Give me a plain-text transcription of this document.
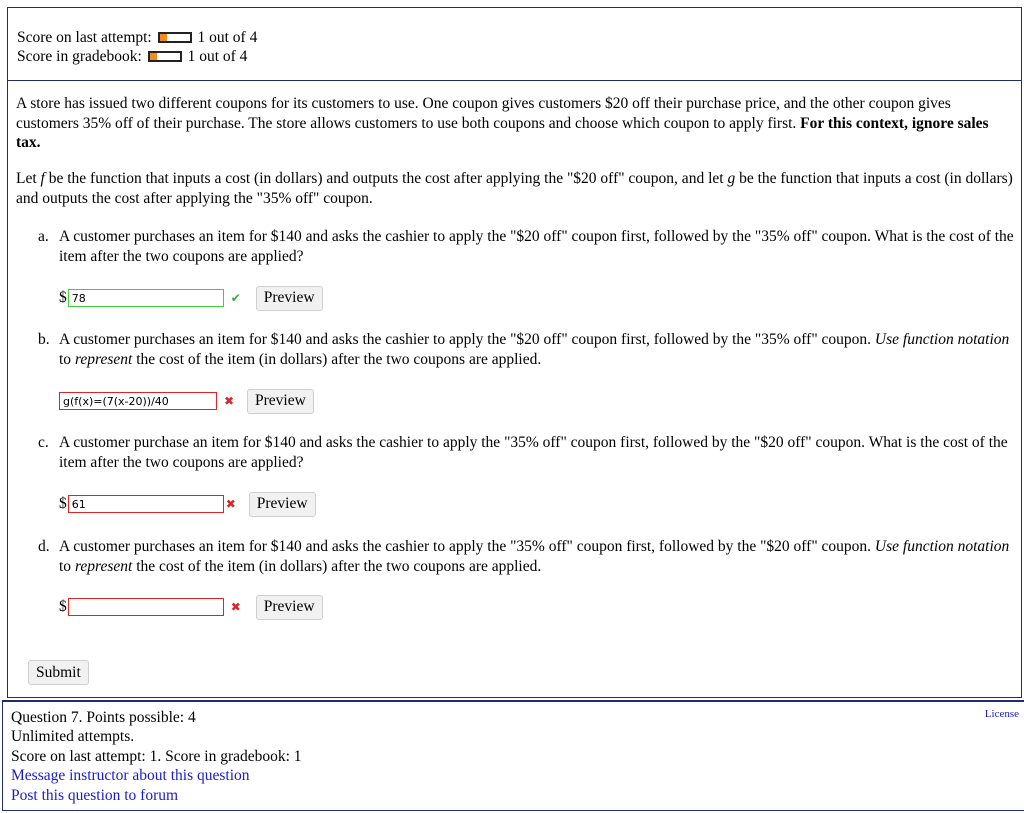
Score on last attempt:	1 out of 4
Score in gradebook:	1 out of 4
A store has issued two different coupons for its customers to use. One coupon gives customers $20 off their purchase price, and the other coupon gives customers 35% off of their purchase. The store allows customers to use both coupons and choose which coupon to apply first. For this context, ignore sales tax.
Let f be the function that inputs a cost (in dollars) and outputs the cost after applying the "$20 off" coupon, and let g be the function that inputs a cost (in dollars) and outputs the cost after applying the "35% off" coupon.
a. A customer purchases an item for $140 and asks the cashier to apply the "$20 off" coupon first, followed by the "35% off" coupon. What is the cost of the item after the two coupons are applied?
$
78	✔	Preview
b. A customer purchases an item for $140 and asks the cashier to apply the "$20 off" coupon first, followed by the "35% off" coupon. Use function notation to represent the cost of the item (in dollars) after the two coupons are applied.
g(f(x)=(7(x-20))/40
✖	Preview
c. A customer purchase an item for $140 and asks the cashier to apply the "35% off" coupon first, followed by the "$20 off" coupon. What is the cost of the item after the two coupons are applied?
$
61	✖	Preview
d. A customer purchases an item for $140 and asks the cashier to apply the "35% off" coupon first, followed by the "$20 off" coupon. Use function notation to represent the cost of the item (in dollars) after the two coupons are applied.
$	✖	Preview
Submit
Question 7. Points possible: 4
Unlimited attempts.
Score on last attempt: 1. Score in gradebook: 1
Message instructor about this question
Post this question to forum
License
